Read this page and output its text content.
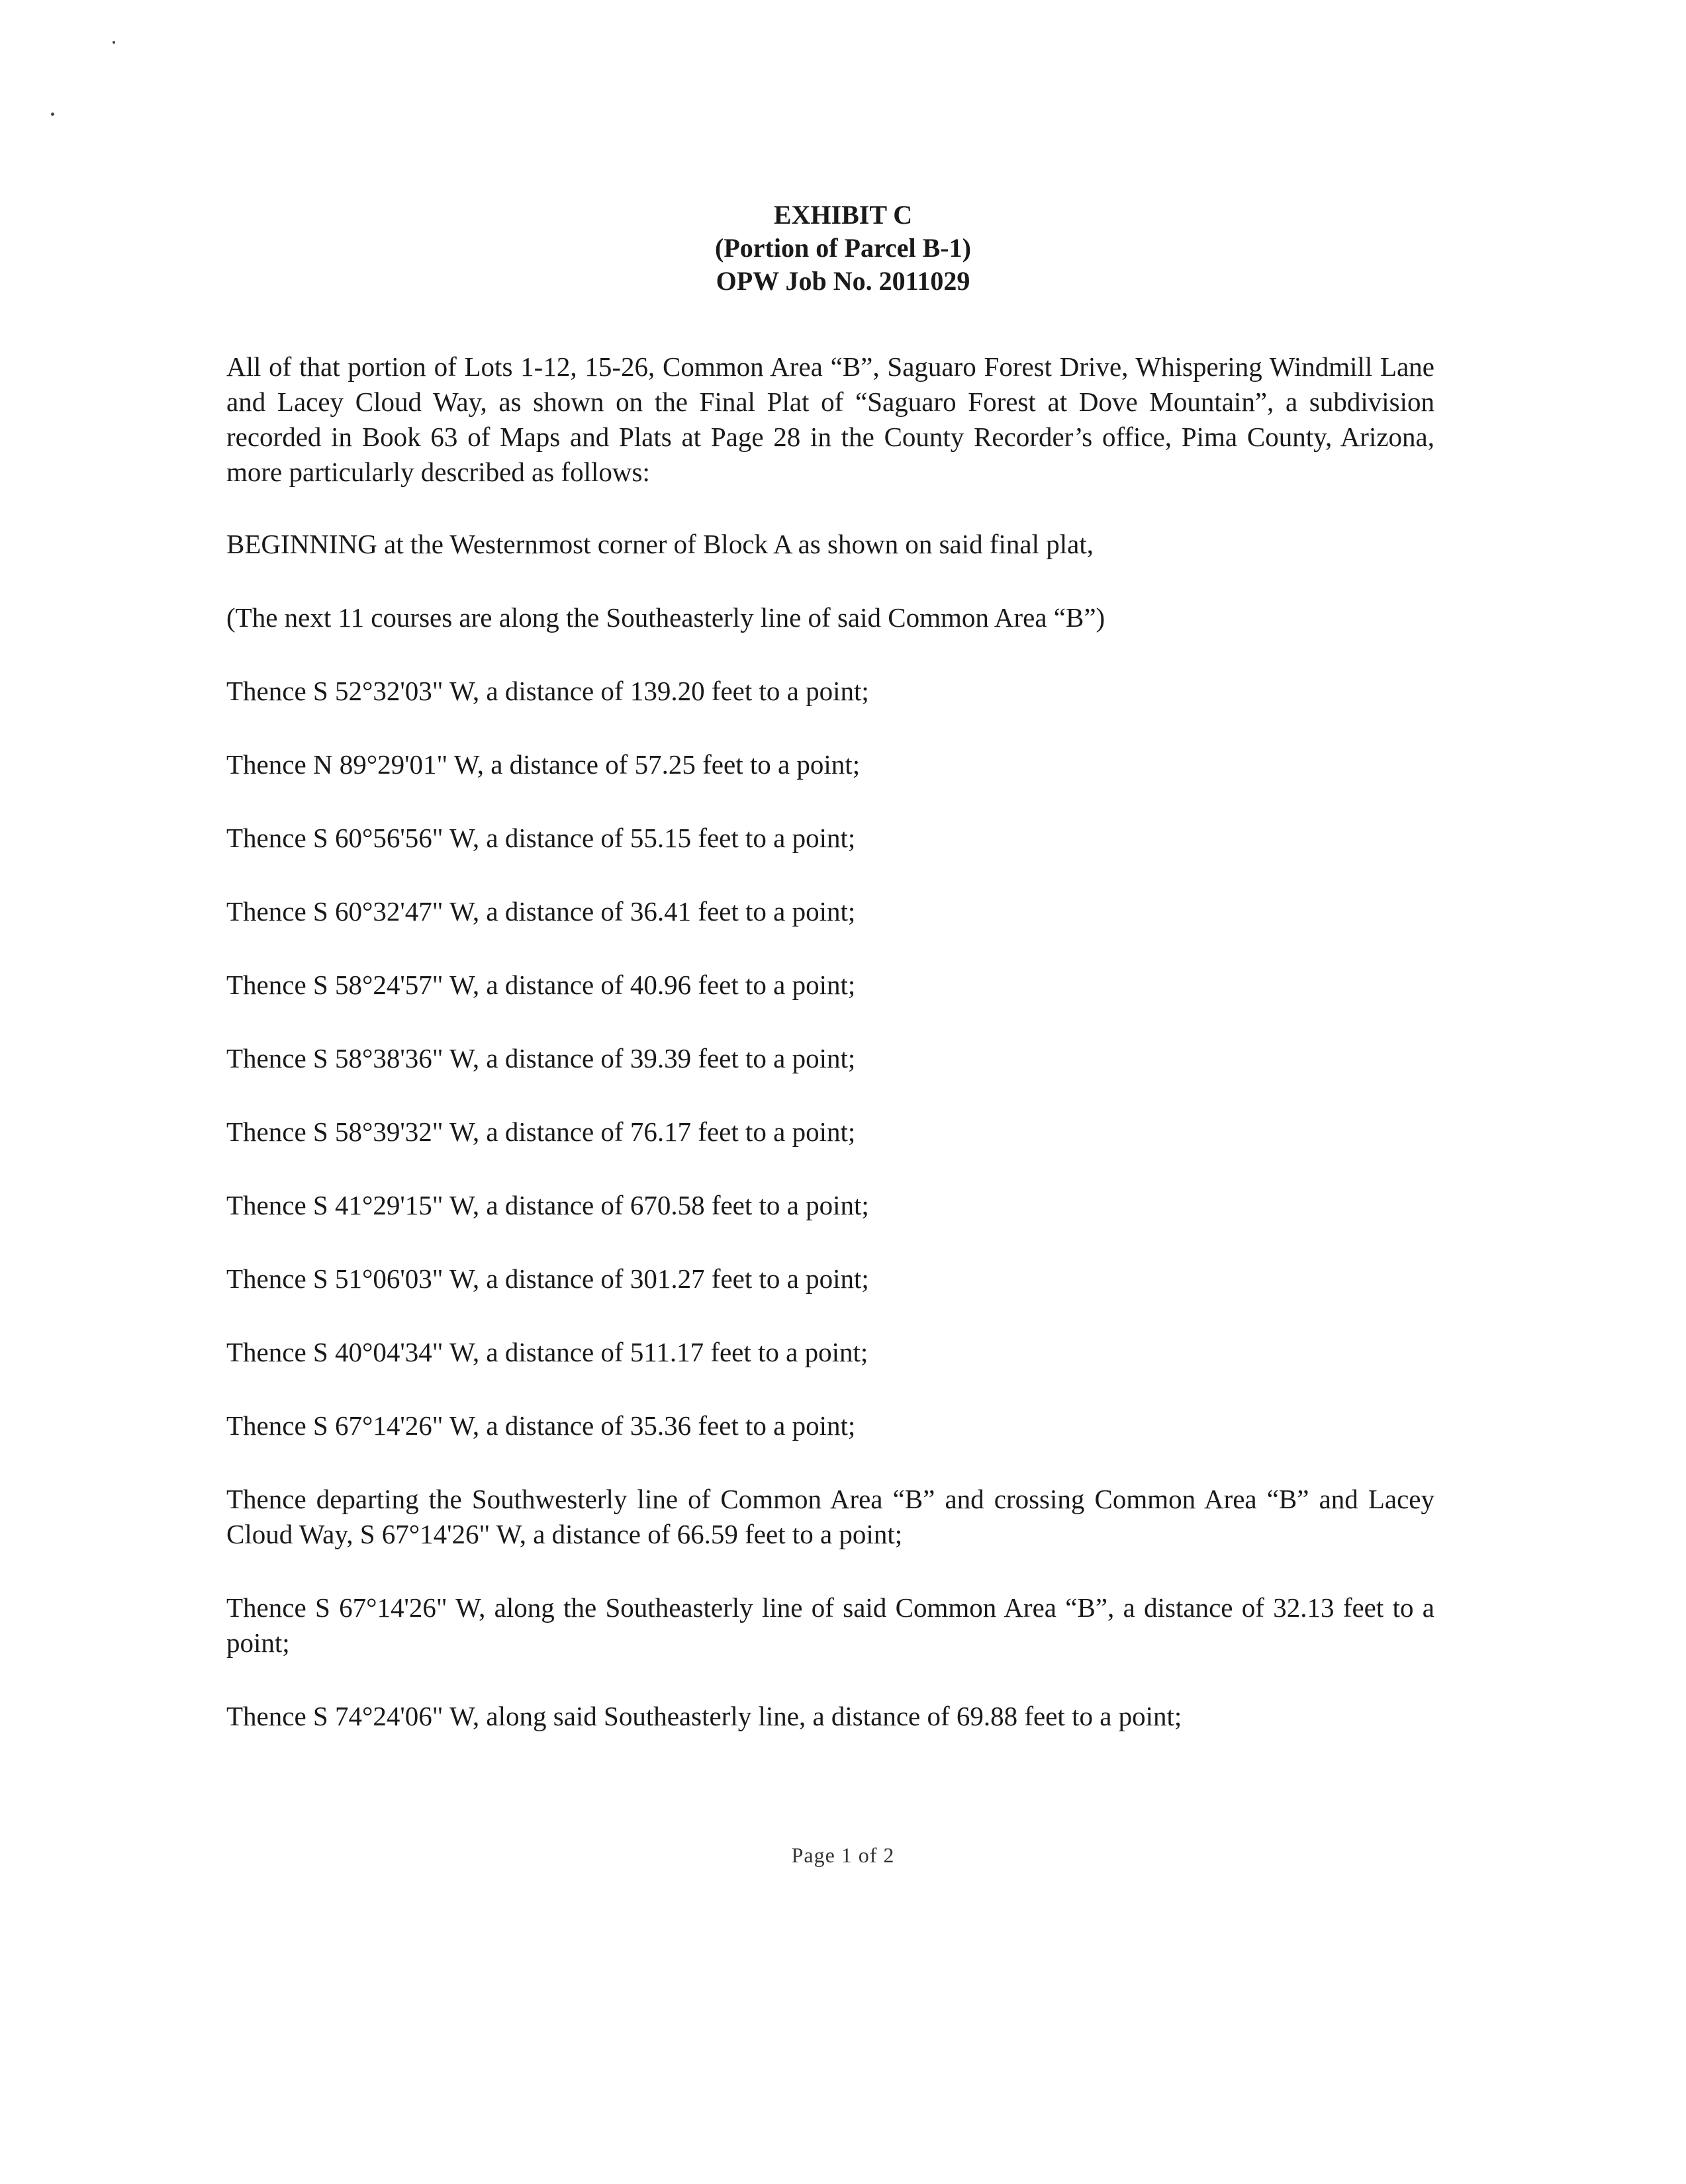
EXHIBIT C
(Portion of Parcel B-1)
OPW Job No. 2011029

All of that portion of Lots 1-12, 15-26, Common Area “B”, Saguaro Forest Drive, Whispering Windmill Lane and Lacey Cloud Way, as shown on the Final Plat of “Saguaro Forest at Dove Mountain”, a subdivision recorded in Book 63 of Maps and Plats at Page 28 in the County Recorder’s office, Pima County, Arizona, more particularly described as follows:

BEGINNING at the Westernmost corner of Block A as shown on said final plat,

(The next 11 courses are along the Southeasterly line of said Common Area “B”)

Thence S 52°32'03" W, a distance of 139.20 feet to a point;

Thence N 89°29'01" W, a distance of 57.25 feet to a point;

Thence S 60°56'56" W, a distance of 55.15 feet to a point;

Thence S 60°32'47" W, a distance of 36.41 feet to a point;

Thence S 58°24'57" W, a distance of 40.96 feet to a point;

Thence S 58°38'36" W, a distance of 39.39 feet to a point;

Thence S 58°39'32" W, a distance of 76.17 feet to a point;

Thence S 41°29'15" W, a distance of 670.58 feet to a point;

Thence S 51°06'03" W, a distance of 301.27 feet to a point;

Thence S 40°04'34" W, a distance of 511.17 feet to a point;

Thence S 67°14'26" W, a distance of 35.36 feet to a point;

Thence departing the Southwesterly line of Common Area “B” and crossing Common Area “B” and Lacey Cloud Way, S 67°14'26" W, a distance of 66.59 feet to a point;

Thence S 67°14'26" W, along the Southeasterly line of said Common Area “B”, a distance of 32.13 feet to a point;

Thence S 74°24'06" W, along said Southeasterly line, a distance of 69.88 feet to a point;

Page 1 of 2
